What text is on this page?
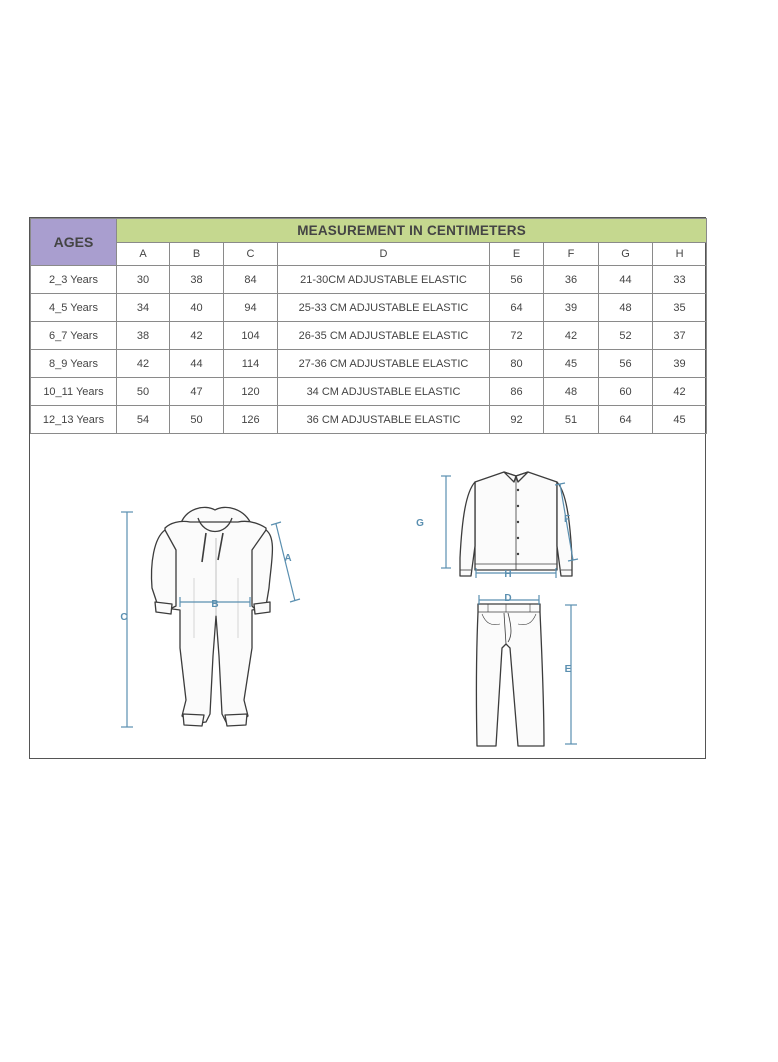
AGES	MEASUREMENT IN CENTIMETERS							
	A	B	C	D	E	F	G	H
2_3 Years	30	38	84	21-30CM ADJUSTABLE ELASTIC	56	36	44	33
4_5 Years	34	40	94	25-33 CM ADJUSTABLE ELASTIC	64	39	48	35
6_7 Years	38	42	104	26-35 CM ADJUSTABLE ELASTIC	72	42	52	37
8_9 Years	42	44	114	27-36 CM ADJUSTABLE ELASTIC	80	45	56	39
10_11 Years	50	47	120	34 CM ADJUSTABLE ELASTIC	86	48	60	42
12_13 Years	54	50	126	36 CM ADJUSTABLE ELASTIC	92	51	64	45
C
B
A
G
H
F
D
E
